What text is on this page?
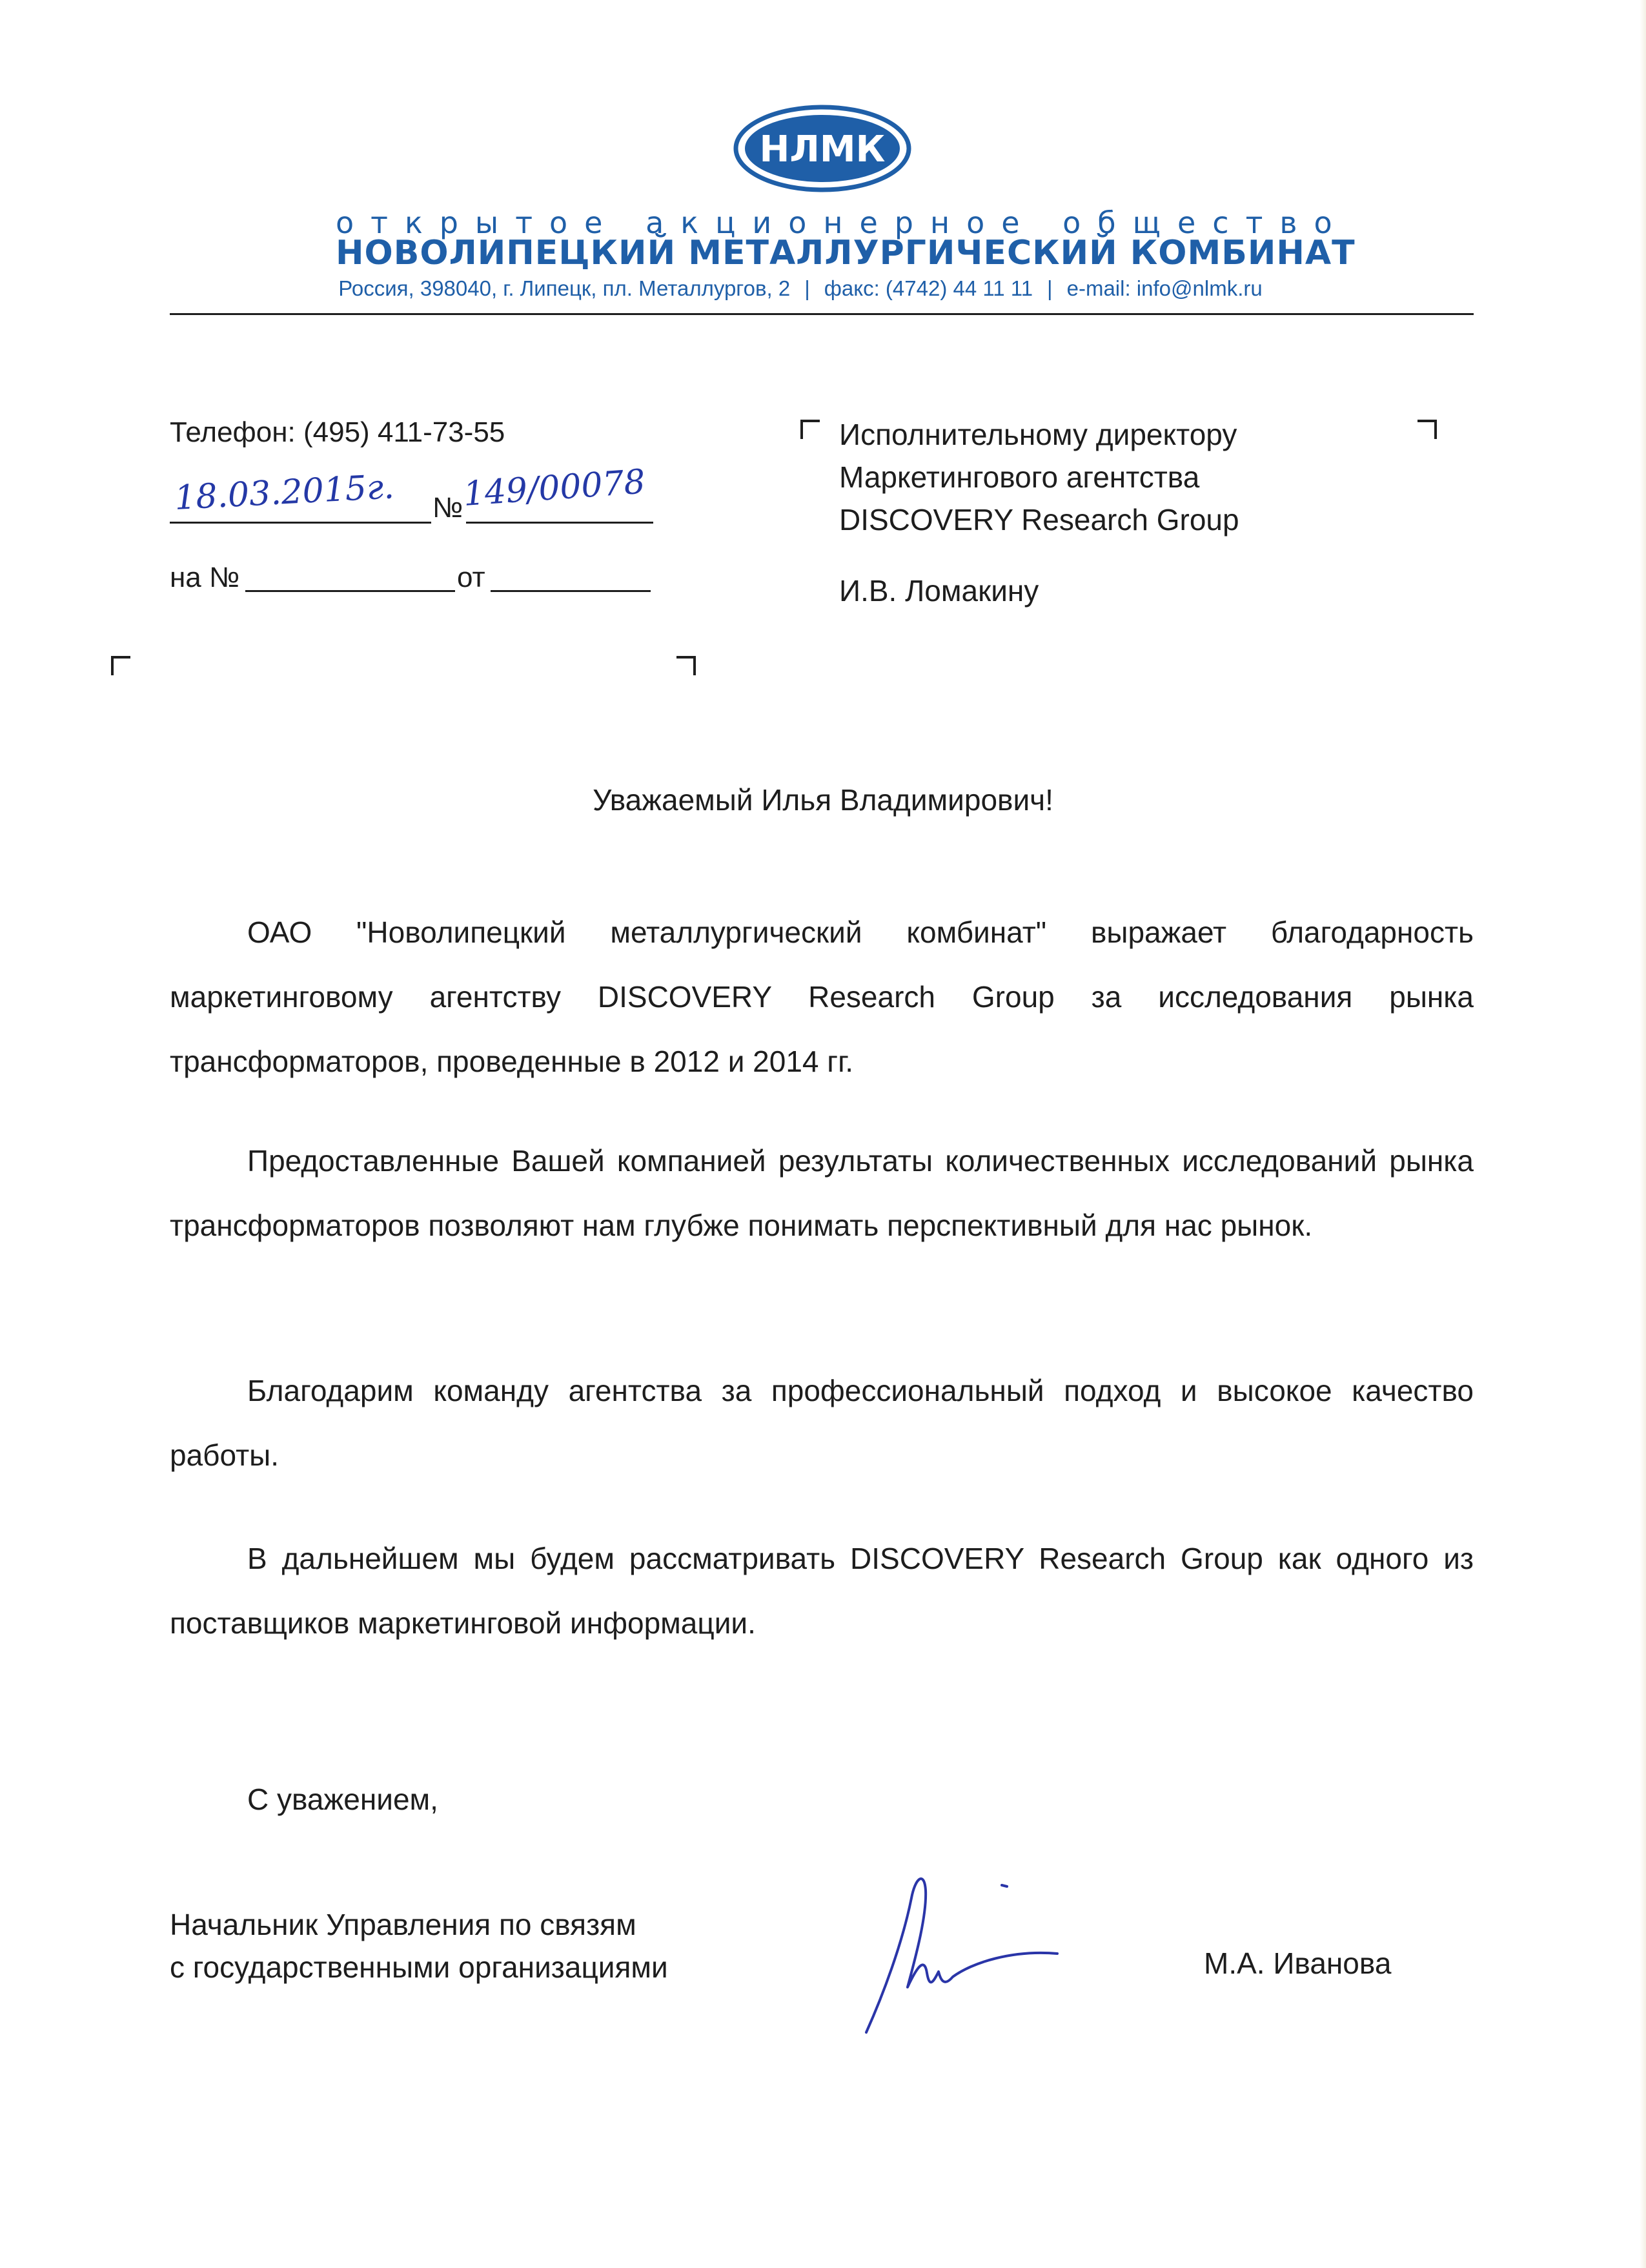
НЛМК
открытое акционерное общество
НОВОЛИПЕЦКИЙ МЕТАЛЛУРГИЧЕСКИЙ КОМБИНАТ
Россия, 398040, г. Липецк, пл. Металлургов, 2 | факс: (4742) 44 11 11 | e-mail: info@nlmk.ru
Телефон: (495) 411-73-55
18.03.2015г. №
149/00078
на №	от
Исполнительному директору
Маркетингового агентства
DISCOVERY Research Group
И.В. Ломакину
Уважаемый Илья Владимирович!
ОАО "Новолипецкий металлургический комбинат" выражает благодарность маркетинговому агентству DISCOVERY Research Group за исследования рынка трансформаторов, проведенные в 2012 и 2014 гг.
Предоставленные Вашей компанией результаты количественных исследований рынка трансформаторов позволяют нам глубже понимать перспективный для нас рынок.
Благодарим команду агентства за профессиональный подход и высокое качество работы.
В дальнейшем мы будем рассматривать DISCOVERY Research Group как одного из поставщиков маркетинговой информации.
С уважением,
Начальник Управления по связям
с государственными организациями	М.А. Иванова
